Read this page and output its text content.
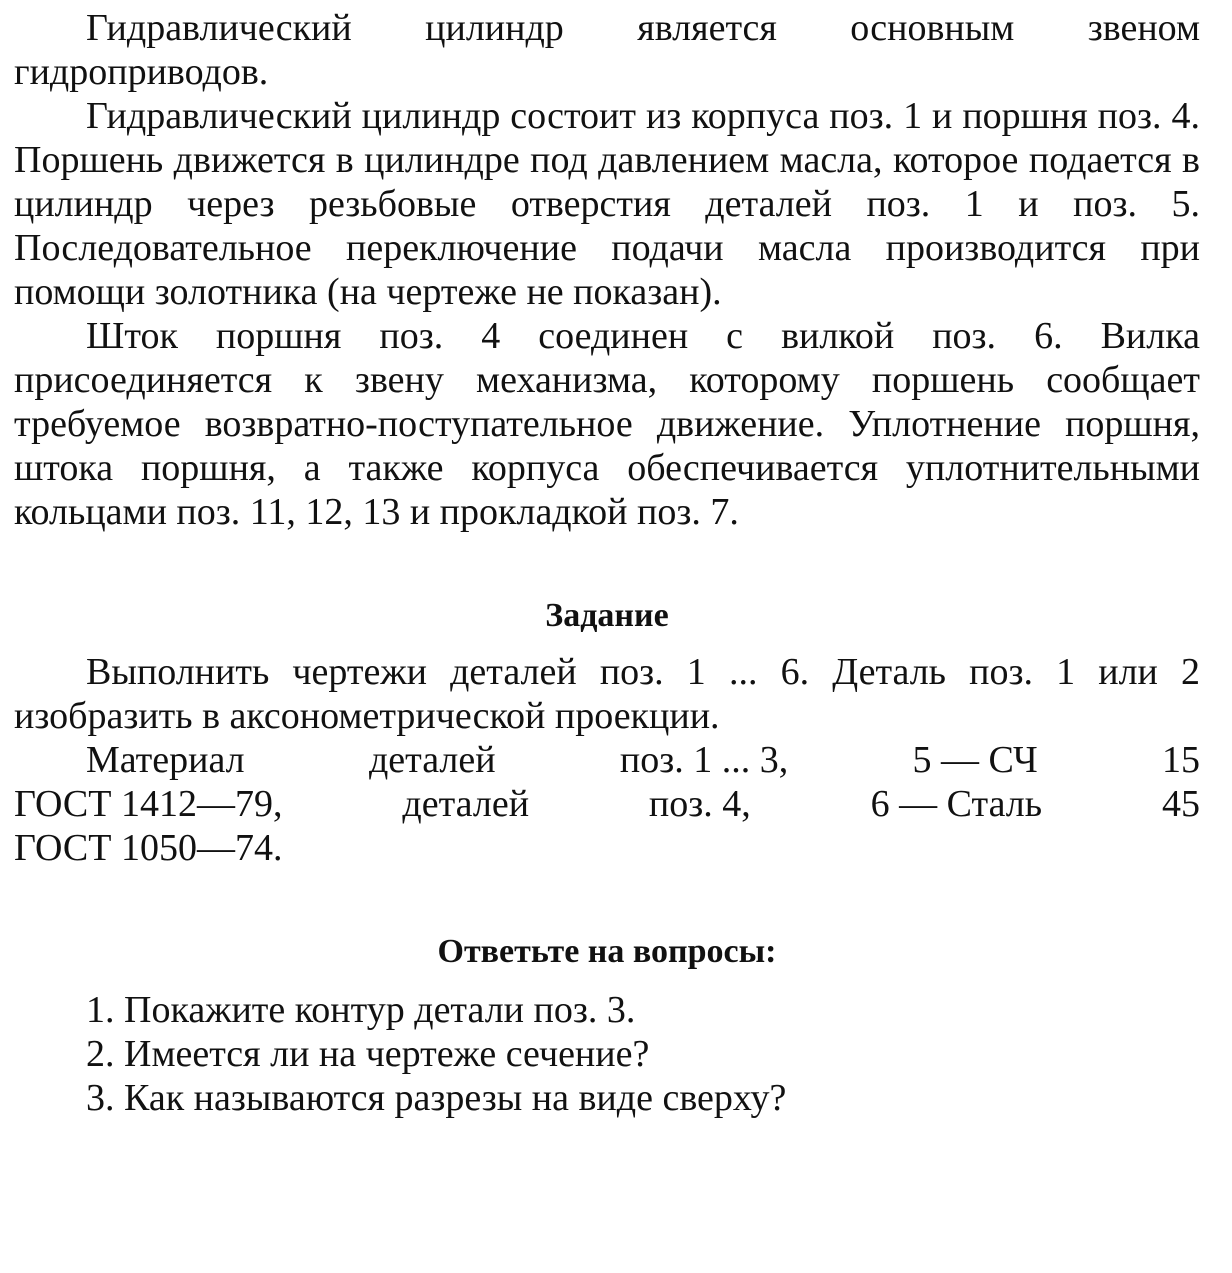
Гидравлический цилиндр является основным звеном гидроприводов.

Гидравлический цилиндр состоит из корпуса поз. 1 и поршня поз. 4. Поршень движется в цилиндре под давлением масла, которое подается в цилиндр через резьбовые отверстия деталей поз. 1 и поз. 5. Последовательное переключение подачи масла производится при помощи золотника (на чертеже не показан).

Шток поршня поз. 4 соединен с вилкой поз. 6. Вилка присоединяется к звену механизма, которому поршень сообщает требуемое возвратно-поступательное движение. Уплотнение поршня, штока поршня, а также корпуса обеспечивается уплотнительными кольцами поз. 11, 12, 13 и прокладкой поз. 7.

Задание

Выполнить чертежи деталей поз. 1 ... 6. Деталь поз. 1 или 2 изобразить в аксонометрической проекции.

Материал	деталей	поз. 1 ... 3,	5 — СЧ	15
ГОСТ 1412—79,	деталей	поз. 4,	6 — Сталь	45
ГОСТ 1050—74.
Ответьте на вопросы:
1. Покажите контур детали поз. 3.
2. Имеется ли на чертеже сечение?
3. Как называются разрезы на виде сверху?
